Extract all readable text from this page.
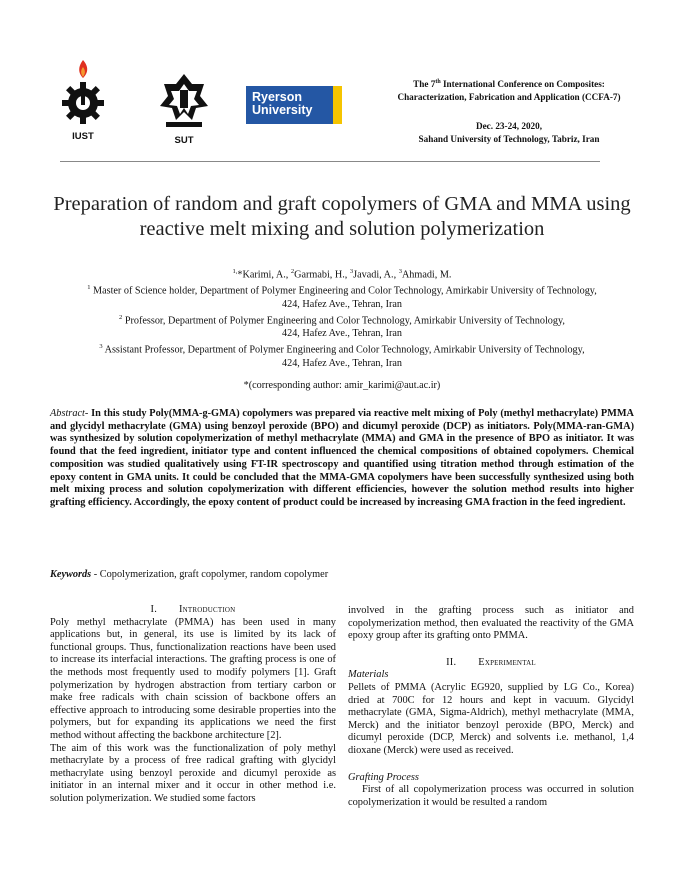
IUST	SUT
Ryerson
University
The 7th International Conference on Composites:
Characterization, Fabrication and Application (CCFA-7)
Dec. 23-24, 2020,
Sahand University of Technology, Tabriz, Iran
Preparation of random and graft copolymers of GMA and MMA using
reactive melt mixing and solution polymerization
$^{1,}$*Karimi, A., $^2$Garmabi, H., $^3$Javadi, A., $^3$Ahmadi, M.
$^1$ Master of Science holder, Department of Polymer Engineering and Color Technology, Amirkabir University of Technology,
424, Hafez Ave., Tehran, Iran
$^2$ Professor, Department of Polymer Engineering and Color Technology, Amirkabir University of Technology,
424, Hafez Ave., Tehran, Iran
$^3$ Assistant Professor, Department of Polymer Engineering and Color Technology, Amirkabir University of Technology,
424, Hafez Ave., Tehran, Iran
*(corresponding author: amir_karimi@aut.ac.ir)
Abstract- In this study Poly(MMA-g-GMA) copolymers was prepared via reactive melt mixing of Poly (methyl methacrylate) PMMA and glycidyl methacrylate (GMA) using benzoyl peroxide (BPO) and dicumyl peroxide (DCP) as initiators. Poly(MMA-ran-GMA) was synthesized by solution copolymerization of methyl methacrylate (MMA) and GMA in the presence of BPO as initiator. It was found that the feed ingredient, initiator type and content influenced the chemical compositions of obtained copolymers. Chemical composition was studied qualitatively using FT-IR spectroscopy and quantified using titration method through estimation of the epoxy content in GMA units. It could be concluded that the MMA-GMA copolymers have been successfully synthesized using both melt mixing process and solution copolymerization with different efficiencies, however the solution method results into higher grafting efficiency. Accordingly, the epoxy content of product could be increased by increasing GMA fraction in the feed ingredient.
Keywords - Copolymerization, graft copolymer, random copolymer
I. Introduction

Poly methyl methacrylate (PMMA) has been used in many applications but, in general, its use is limited by its lack of functional groups. Thus, functionalization reactions have been used to increase its interfacial interactions. The grafting process is one of the methods most frequently used to modify polymers [1]. Graft polymerization by hydrogen abstraction from tertiary carbon or make free radicals with chain scission of backbone offers an effective approach to introducing some desirable properties into the polymers, but for expanding its applications we need the first method without affecting the backbone architecture [2].

The aim of this work was the functionalization of poly methyl methacrylate by a process of free radical grafting with glycidyl methacrylate using benzoyl peroxide and dicumyl peroxide as initiator in an internal mixer and it occur in other method i.e. solution polymerization. We studied some factors

involved in the grafting process such as initiator and copolymerization method, then evaluated the reactivity of the GMA epoxy group after its grafting onto PMMA.

II. Experimental
Materials

Pellets of PMMA (Acrylic EG920, supplied by LG Co., Korea) dried at 700C for 12 hours and kept in vacuum. Glycidyl methacrylate (GMA, Sigma-Aldrich), methyl methacrylate (MMA, Merck) and the initiator benzoyl peroxide (BPO, Merck) and dicumyl peroxide (DCP, Merck) and solvents i.e. methanol, 1,4 dioxane (Merck) were used as received.

Grafting Process

First of all copolymerization process was occurred in solution copolymerization it would be resulted a random
